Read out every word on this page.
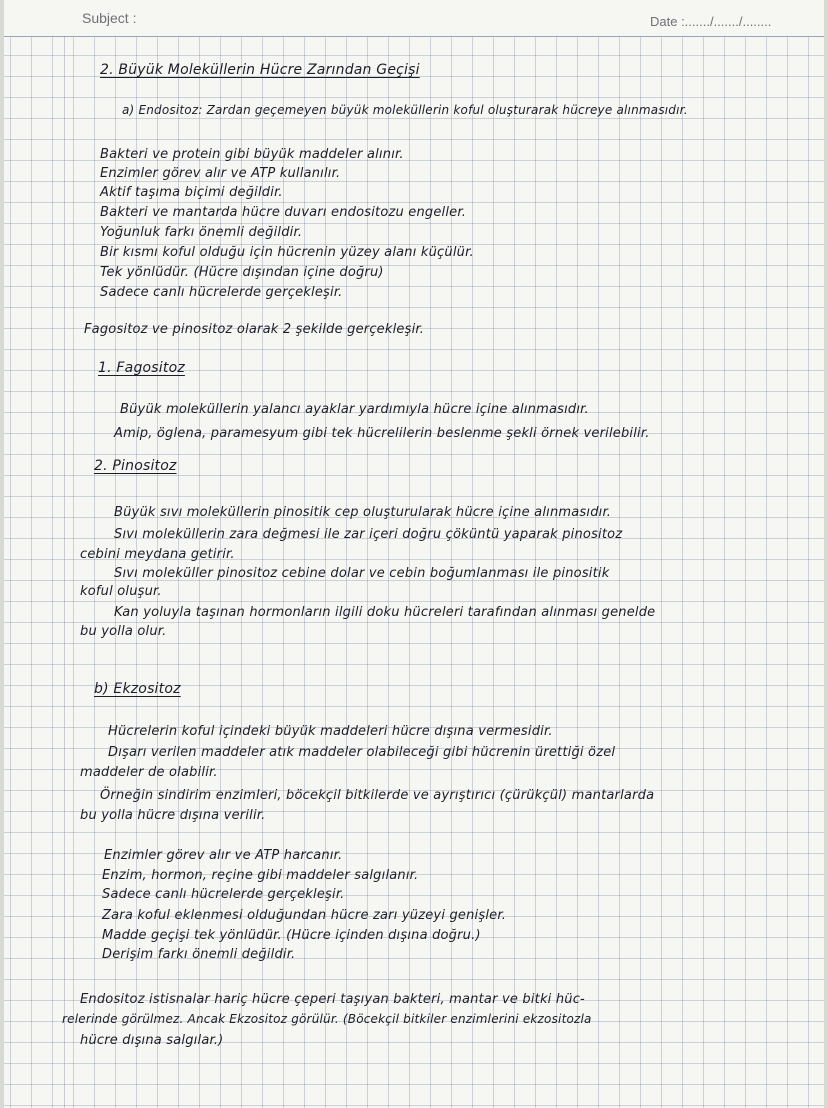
Subject :	Date :......./......./........
2. Büyük Moleküllerin Hücre Zarından Geçişi
a) Endositoz: Zardan geçemeyen büyük moleküllerin koful oluşturarak hücreye alınmasıdır.
Bakteri ve protein gibi büyük maddeler alınır.
Enzimler görev alır ve ATP kullanılır.
Aktif taşıma biçimi değildir.
Bakteri ve mantarda hücre duvarı endositozu engeller.
Yoğunluk farkı önemli değildir.
Bir kısmı koful olduğu için hücrenin yüzey alanı küçülür.
Tek yönlüdür. (Hücre dışından içine doğru)
Sadece canlı hücrelerde gerçekleşir.
Fagositoz ve pinositoz olarak 2 şekilde gerçekleşir.
1. Fagositoz
Büyük moleküllerin yalancı ayaklar yardımıyla hücre içine alınmasıdır.
Amip, öglena, paramesyum gibi tek hücrelilerin beslenme şekli örnek verilebilir.
2. Pinositoz
Büyük sıvı moleküllerin pinositik cep oluşturularak hücre içine alınmasıdır.
Sıvı moleküllerin zara değmesi ile zar içeri doğru çöküntü yaparak pinositoz
cebini meydana getirir.
Sıvı moleküller pinositoz cebine dolar ve cebin boğumlanması ile pinositik
koful oluşur.
Kan yoluyla taşınan hormonların ilgili doku hücreleri tarafından alınması genelde
bu yolla olur.
b) Ekzositoz
Hücrelerin koful içindeki büyük maddeleri hücre dışına vermesidir.
Dışarı verilen maddeler atık maddeler olabileceği gibi hücrenin ürettiği özel
maddeler de olabilir.
Örneğin sindirim enzimleri, böcekçil bitkilerde ve ayrıştırıcı (çürükçül) mantarlarda
bu yolla hücre dışına verilir.
Enzimler görev alır ve ATP harcanır.
Enzim, hormon, reçine gibi maddeler salgılanır.
Sadece canlı hücrelerde gerçekleşir.
Zara koful eklenmesi olduğundan hücre zarı yüzeyi genişler.
Madde geçişi tek yönlüdür. (Hücre içinden dışına doğru.)
Derişim farkı önemli değildir.
Endositoz istisnalar hariç hücre çeperi taşıyan bakteri, mantar ve bitki hüc-
relerinde görülmez. Ancak Ekzositoz görülür. (Böcekçil bitkiler enzimlerini ekzositozla
hücre dışına salgılar.)
